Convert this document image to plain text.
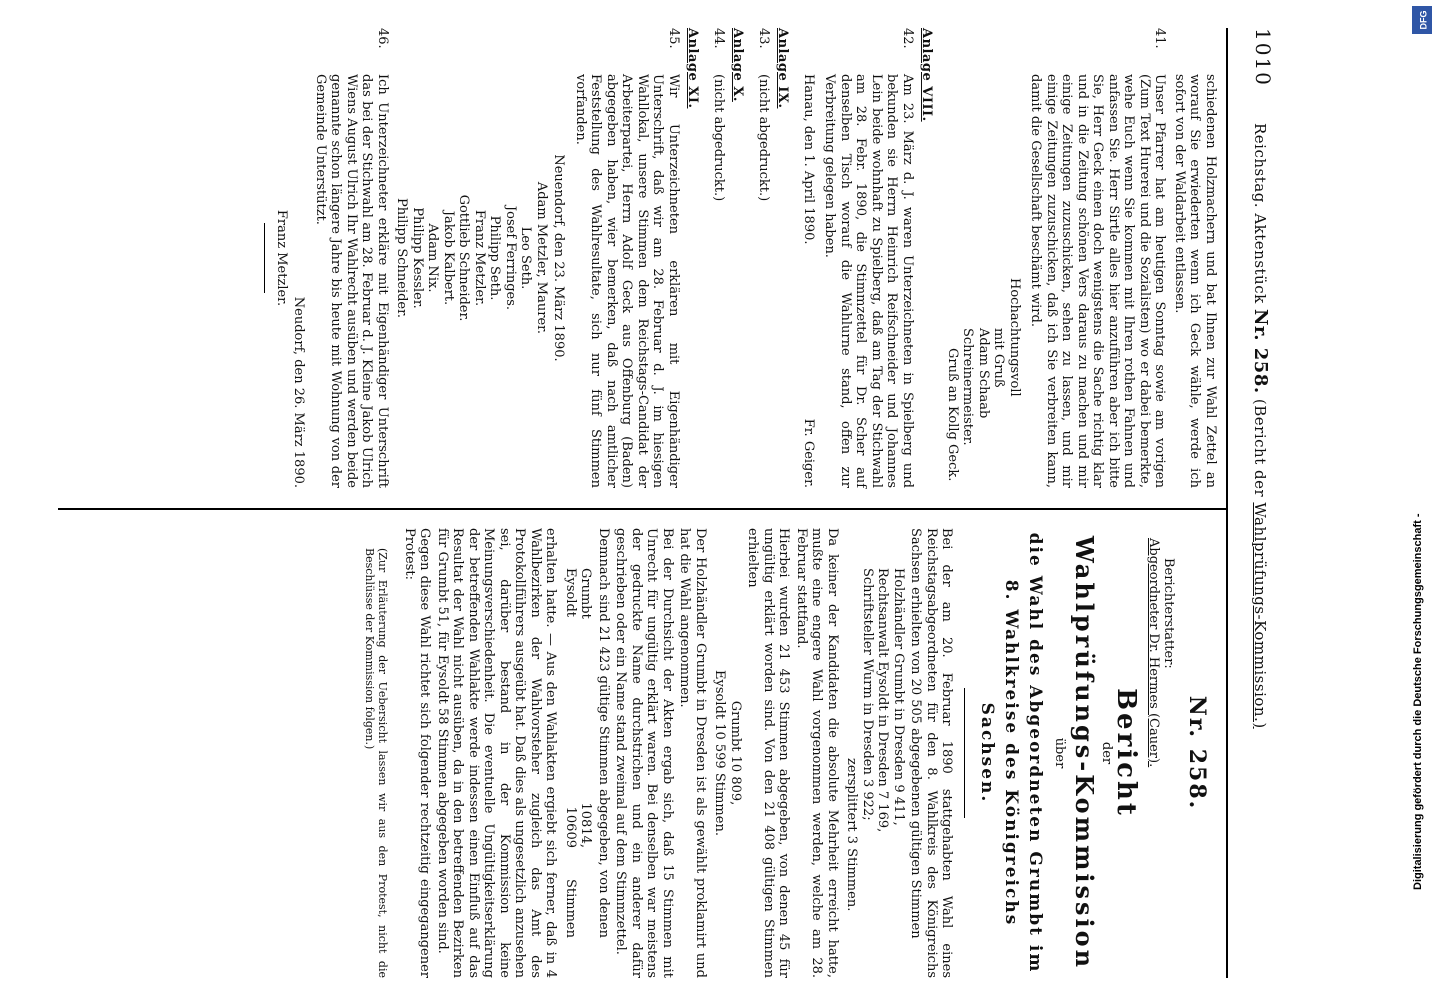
1010
Reichstag. Aktenstück Nr. 258. (Bericht der Wahlprüfungs-Kommission.)

schiedenen Holzmachern und bat Ihnen zur Wahl Zettel an worauf Sie erwiederten wenn ich Geck wähle, werde ich sofort von der Waldarbeit entlassen.

41.

Unser Pfarrer hat am heutigen Sonntag sowie am vorigen (Zum Text Hurerei und die Sozialisten) wo er dabei bemerkte, wehe Euch wenn Sie kommen mit Ihren rothen Fahnen und anfassen Sie. Herr Sirtle alles hier anzuführen aber ich bitte Sie, Herr Geck einen doch wenigstens die Sache richtig klar und in die Zeitung schönen Vers daraus zu machen und mir einige Zeitungen zuzuschicken, sehen zu lassen, und mir einige Zeitungen zuzuschicken, daß ich Sie verbreiten kann, damit die Gesellschaft beschämt wird.

Hochachtungsvoll

mit Gruß

Adam Schaab

Schreinermeister.

Gruß an Kollg Geck.

Anlage VIII.
42.

Am 23. März d. J. waren Unterzeichneten in Spielberg und bekunden sie Herrn Heinrich Reifschneider und Johannes Lein beide wohnhaft zu Spielberg, daß am Tag der Stichwahl am 28. Febr. 1890, die Stimmzettel für Dr. Scher auf denselben Tisch worauf die Wahlurne stand, offen zur Verbreitung gelegen haben.

Hanau, den 1. April 1890.
Fr. Geiger.
Anlage IX.
43.

(nicht abgedruckt.)

Anlage X.
44.

(nicht abgedruckt.)

Anlage XI.
45.

Wir Unterzeichneten erklären mit Eigenhändiger Unterschrift, daß wir am 28. Februar d. J. im hiesigen Wahllokal, unsere Stimmen dem Reichstags-Candidat der Arbeiterpartei, Herrn Adolf Geck aus Offenburg (Baden) abgegeben haben, wier bemerken, daß nach amtlicher Feststellung des Wahlresultate, sich nur fünf Stimmen vorfanden.

Neuendorf, den 23. März 1890.

Adam Metzler, Maurer.

Leo Seth.

Josef Ferringes.

Philipp Seth.

Franz Metzler.

Gottlieb Schneider.

Jakob Kalbert.

Adam Nix.

Philipp Kessler.

Philipp Schneider.

46.

Ich Unterzeichneter erkläre mit Eigenhändiger Unterschrift das bei der Stichwahl am 28. Februar d. J. Kleine Jakob Ulrich Wiens August Ulrich Ihr Wahlrecht ausüben und werden beide genannte schon längere Jahre bis heute mit Wohnung von der Gemeinde Unterstützt.

Neudorf, den 26. März 1890.

Franz Metzler.

Nr. 258.

Berichterstatter:

Abgeordneter Dr. Hermes (Cauer).

Bericht
der
Wahlprüfungs-Kommission
über
die Wahl des Abgeordneten Grumbt im
8. Wahlkreise des Königreichs Sachsen.

Bei der am 20. Februar 1890 stattgehabten Wahl eines Reichstagsabgeordneten für den 8. Wahlkreis des Königreichs Sachsen erhielten von 20 505 abgegebenen gültigen Stimmen

Holzhändler Grumbt in Dresden 9 411,

Rechtsanwalt Eysoldt in Dresden 7 169,

Schriftsteller Wurm in Dresden 3 922;

zersplittert 3 Stimmen.

Da keiner der Kandidaten die absolute Mehrheit erreicht hatte, mußte eine engere Wahl vorgenommen werden, welche am 28. Februar stattfand.

Hierbei wurden 21 453 Stimmen abgegeben, von denen 45 für ungültig erklärt worden sind. Von den 21 408 gültigen Stimmen erhielten

Grumbt 10 809,

Eysoldt 10 599 Stimmen.

Der Holzhändler Grumbt in Dresden ist als gewählt proklamirt und hat die Wahl angenommen.

Bei der Durchsicht der Akten ergab sich, daß 15 Stimmen mit Unrecht für ungültig erklärt waren. Bei denselben war meistens der gedruckte Name durchstrichen und ein anderer dafür geschrieben oder ein Name stand zweimal auf dem Stimmzettel.

Demnach sind 21 423 gültige Stimmen abgegeben, von denen

Grumbt
10814,
Eysoldt
10609
Stimmen

erhalten hatte. — Aus den Wahlakten ergiebt sich ferner, daß in 4 Wahlbezirken der Wahlvorsteher zugleich das Amt des Protokollführers ausgeübt hat. Daß dies als ungesetzlich anzusehen sei, darüber bestand in der Kommission keine Meinungsverschiedenheit. Die eventuelle Ungültigkeitserklärung der betreffenden Wahlakte werde indessen einen Einfluß auf das Resultat der Wahl nicht ausüben, da in den betreffenden Bezirken für Grumbt 51, für Eysoldt 58 Stimmen abgegeben worden sind.

Gegen diese Wahl richtet sich folgender rechtzeitig eingegangener Protest:

(Zur Erläuterung der Uebersicht lassen wir aus den Protest, nicht die Beschlüsse der Kommission folgen.)	Digitalisierung gefördert durch die Deutsche Forschungsgemeinschaft -
DFG
